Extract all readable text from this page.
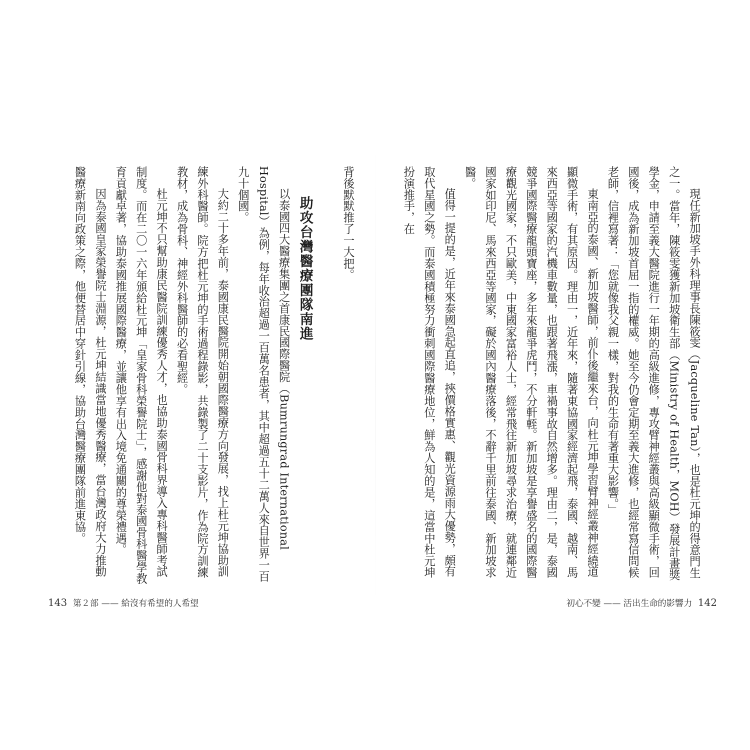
現任新加坡手外科理事長陳筱雯（Jacqueline Tan），也是杜元坤的得意門生之一。當年，陳筱雯獲新加坡衛生部（Ministry of Health，MOH）發展計畫獎學金，申請至義大醫院進行一年期的高級進修，專攻臂神經叢與高級顯微手術，回國後，成為新加坡首屈一指的權威。她至今仍會定期至義大進修，也經常寫信問候老師，信裡寫著：「您就像我父親一樣，對我的生命有著重大影響。」

東南亞的泰國、新加坡醫師，前仆後繼來台，向杜元坤學習臂神經叢神經繞道顯微手術，有其原因。理由一，近年來，隨著東協國家經濟起飛，泰國、越南、馬來西亞等國家的汽機車數量，也跟著飛漲，車禍事故自然增多。理由二，是，泰國競爭國際醫療龍頭寶座，多年來龍爭虎鬥，不分軒輊。新加坡是享譽盛名的國際醫療觀光國家，不只歐美，中東國家富裕人士，經常飛往新加坡尋求治療，就連鄰近國家如印尼、馬來西亞等國家，礙於國內醫療落後，不辭千里前往泰國、新加坡求醫。

值得一提的是，近年來泰國急起直追，挾價格實惠、觀光資源雨大優勢，頗有取代星國之勢。而泰國積極努力衝刺國際醫療地位，鮮為人知的是，這當中杜元坤扮演推手，在

背後默默推了一大把。

助攻台灣醫療團隊南進

以泰國四大醫療集團之首康民國際醫院（Bumrungrad International Hospital）為例，每年收治超過一百萬名患者，其中超過五十二萬人來自世界一百九十個國。

大約二十多年前，泰國康民醫院開始朝國際醫療方向發展，找上杜元坤協助訓練外科醫師。院方把杜元坤的手術過程錄影，共錄製了二十支影片，作為院方訓練教材，成為骨科、神經外科醫師的必看聖經。

杜元坤不只幫助康民醫院訓練優秀人才，也協助泰國骨科界導入專科醫師考試制度。而在二〇一六年頒給杜元坤「皇家骨科榮譽院士」，感謝他對泰國骨科醫學教育貢獻卓著，協助泰國推展國際醫療，並讓他享有出入境免通關的尊榮禮遇。

因為泰國皇家榮譽院士淵源，杜元坤結識當地優秀醫療，當台灣政府大力推動醫療新南向政策之際，他便替居中穿針引線，協助台灣醫療團隊前進東協。

143 第２部 —— 給沒有希望的人希望	初心不變 —— 活出生命的影響力 142
